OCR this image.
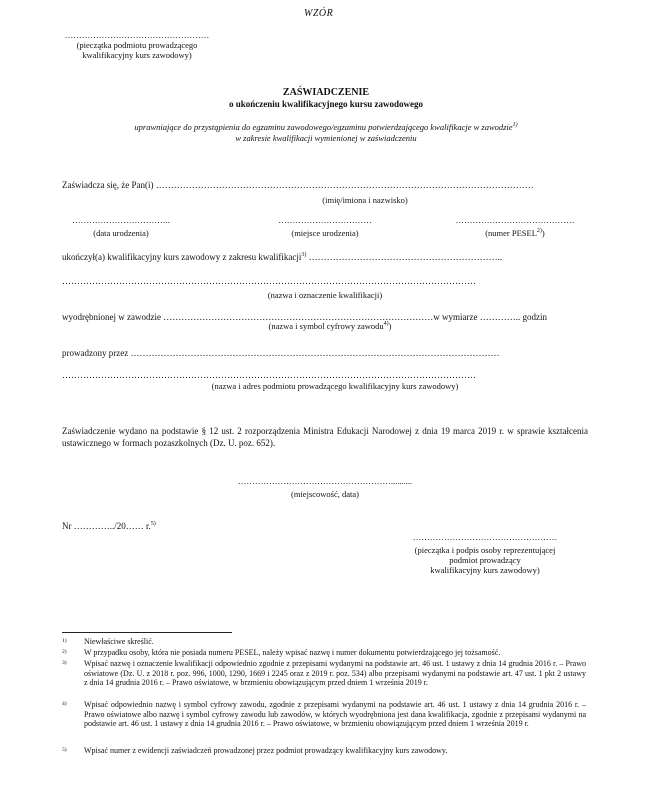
WZÓR
……………………………………………
(pieczątka podmiotu prowadzącego
kwalifikacyjny kurs zawodowy)
ZAŚWIADCZENIE
o ukończeniu kwalifikacyjnego kursu zawodowego
uprawniające do przystąpienia do egzaminu zawodowego/egzaminu potwierdzającego kwalifikacje w zawodzie$^{1)}$
w zakresie kwalifikacji wymienionej w zaświadczeniu
Zaświadcza się, że Pan(i) ………………………………………………………………………………………………………………
(imię/imiona i nazwisko)
……………………………..
(data urodzenia)
……………………………
(miejsce urodzenia)
……………………………………
(numer PESEL$^{2)}$)
ukończył(a) kwalifikacyjny kurs zawodowy z zakresu kwalifikacji$^{3)}$ ………………………………………………………..
…………………………………………………………………………………………………………………………
(nazwa i oznaczenie kwalifikacji)
wyodrębnionej w zawodzie ………………………………………………………………………………w wymiarze ………….. godzin
(nazwa i symbol cyfrowy zawodu$^{4)}$)
prowadzony przez ……………………………………………………………………………………………………………
…………………………………………………………………………………………………………………………
(nazwa i adres podmiotu prowadzącego kwalifikacyjny kurs zawodowy)
Zaświadczenie wydano na podstawie § 12 ust. 2 rozporządzenia Ministra Edukacji Narodowej z dnia 19 marca 2019 r. w sprawie kształcenia ustawicznego w formach pozaszkolnych (Dz. U. poz. 652).
………………………………………………..........
(miejscowość, data)
Nr …………../20…… r.$^{5)}$
……………………………………………
(pieczątka i podpis osoby reprezentującej
podmiot prowadzący
kwalifikacyjny kurs zawodowy)
1) Niewłaściwe skreślić.
2) W przypadku osoby, która nie posiada numeru PESEL, należy wpisać nazwę i numer dokumentu potwierdzającego jej tożsamość.
3) Wpisać nazwę i oznaczenie kwalifikacji odpowiednio zgodnie z przepisami wydanymi na podstawie art. 46 ust. 1 ustawy z dnia 14 grudnia 2016 r. – Prawo oświatowe (Dz. U. z 2018 r. poz. 996, 1000, 1290, 1669 i 2245 oraz z 2019 r. poz. 534) albo przepisami wydanymi na podstawie art. 47 ust. 1 pkt 2 ustawy z dnia 14 grudnia 2016 r. – Prawo oświatowe, w brzmieniu obowiązującym przed dniem 1 września 2019 r.
4) Wpisać odpowiednio nazwę i symbol cyfrowy zawodu, zgodnie z przepisami wydanymi na podstawie art. 46 ust. 1 ustawy z dnia 14 grudnia 2016 r. – Prawo oświatowe albo nazwę i symbol cyfrowy zawodu lub zawodów, w których wyodrębniona jest dana kwalifikacja, zgodnie z przepisami wydanymi na podstawie art. 46 ust. 1 ustawy z dnia 14 grudnia 2016 r. – Prawo oświatowe, w brzmieniu obowiązującym przed dniem 1 września 2019 r.
5) Wpisać numer z ewidencji zaświadczeń prowadzonej przez podmiot prowadzący kwalifikacyjny kurs zawodowy.
